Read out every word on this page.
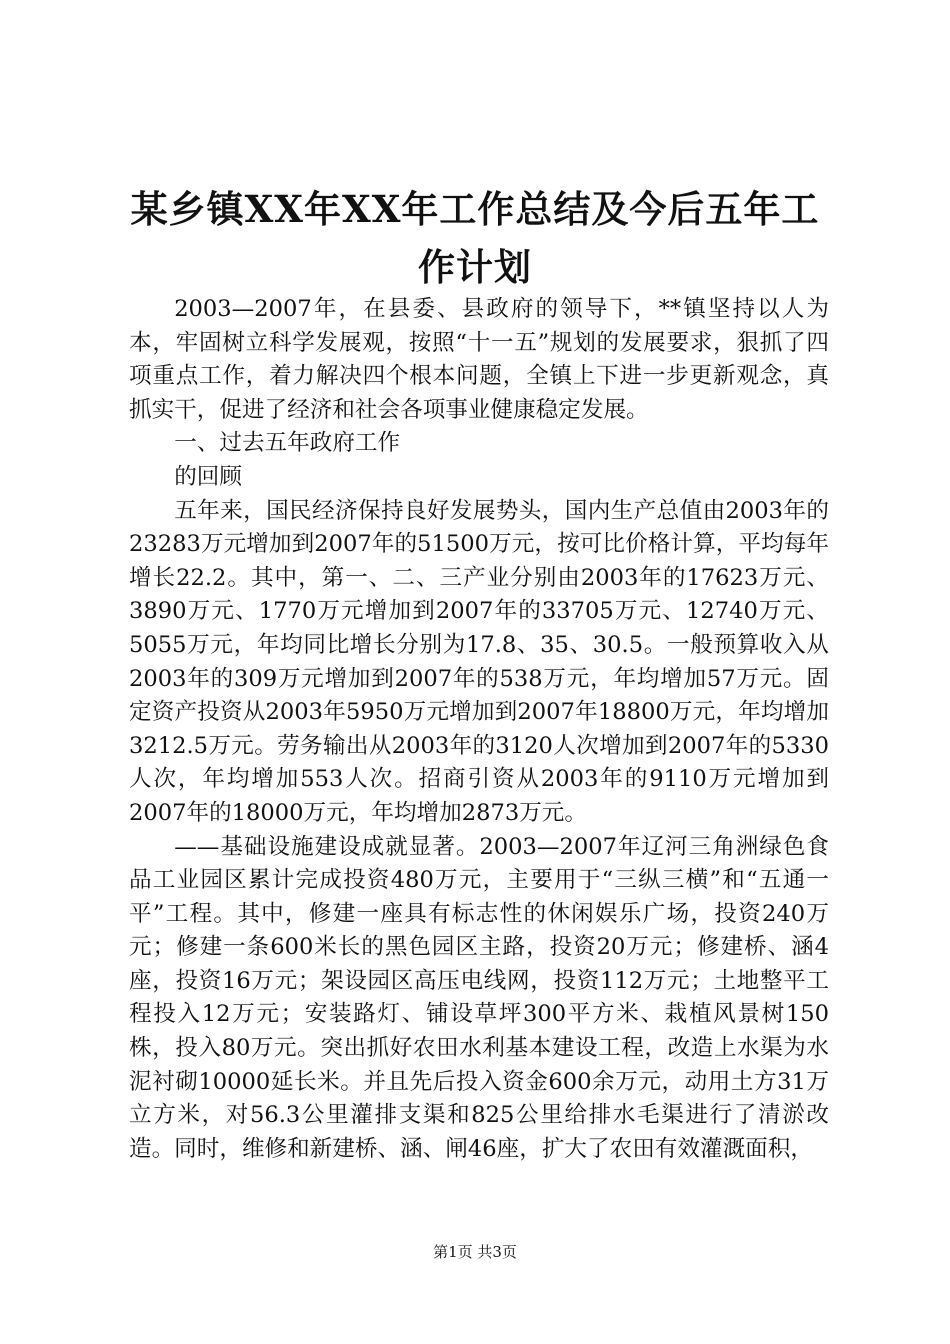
某乡镇XX年XX年工作总结及今后五年工作计划

2003—2007年，在县委、县政府的领导下，**镇坚持以人为本，牢固树立科学发展观，按照“十一五”规划的发展要求，狠抓了四项重点工作，着力解决四个根本问题，全镇上下进一步更新观念，真抓实干，促进了经济和社会各项事业健康稳定发展。

一、过去五年政府工作

的回顾

五年来，国民经济保持良好发展势头，国内生产总值由2003年的23283万元增加到2007年的51500万元，按可比价格计算，平均每年增长22.2。其中，第一、二、三产业分别由2003年的17623万元、3890万元、1770万元增加到2007年的33705万元、12740万元、5055万元，年均同比增长分别为17.8、35、30.5。一般预算收入从2003年的309万元增加到2007年的538万元，年均增加57万元。固定资产投资从2003年5950万元增加到2007年18800万元，年均增加3212.5万元。劳务输出从2003年的3120人次增加到2007年的5330人次，年均增加553人次。招商引资从2003年的9110万元增加到2007年的18000万元，年均增加2873万元。

——基础设施建设成就显著。2003—2007年辽河三角洲绿色食品工业园区累计完成投资480万元，主要用于“三纵三横”和“五通一平”工程。其中，修建一座具有标志性的休闲娱乐广场，投资240万元；修建一条600米长的黑色园区主路，投资20万元；修建桥、涵4座，投资16万元；架设园区高压电线网，投资112万元；土地整平工程投入12万元；安装路灯、铺设草坪300平方米、栽植风景树150株，投入80万元。突出抓好农田水利基本建设工程，改造上水渠为水泥衬砌10000延长米。并且先后投入资金600余万元，动用土方31万立方米，对56.3公里灌排支渠和825公里给排水毛渠进行了清淤改造。同时，维修和新建桥、涵、闸46座，扩大了农田有效灌溉面积，

第1页 共3页
